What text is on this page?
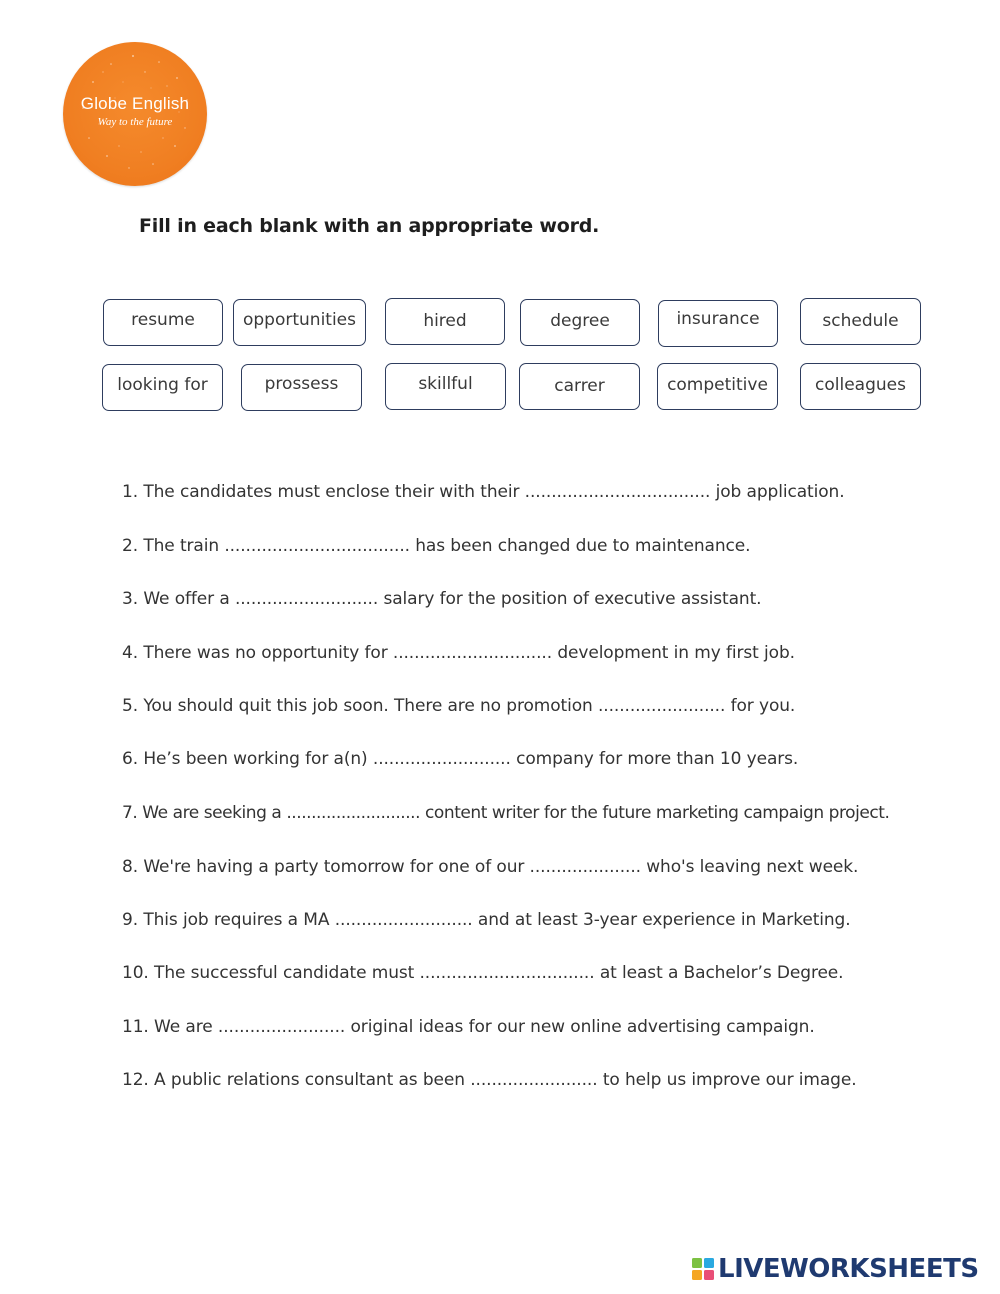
Globe English
Way to the future
Fill in each blank with an appropriate word.
resume	opportunities	hired	degree	insurance	schedule
looking for	prossess	skillful	carrer	competitive	colleagues
1. The candidates must enclose their with their ................................... job application.
2. The train ................................... has been changed due to maintenance.
3. We offer a ........................... salary for the position of executive assistant.
4. There was no opportunity for .............................. development in my first job.
5. You should quit this job soon. There are no promotion ........................ for you.
6. He’s been working for a(n) .......................... company for more than 10 years.
7. We are seeking a ........................... content writer for the future marketing campaign project.
8. We're having a party tomorrow for one of our ..................... who's leaving next week.
9. This job requires a MA .......................... and at least 3-year experience in Marketing.
10. The successful candidate must ................................. at least a Bachelor’s Degree.
11. We are ........................ original ideas for our new online advertising campaign.
12. A public relations consultant as been ........................ to help us improve our image.
LIVEWORKSHEETS
